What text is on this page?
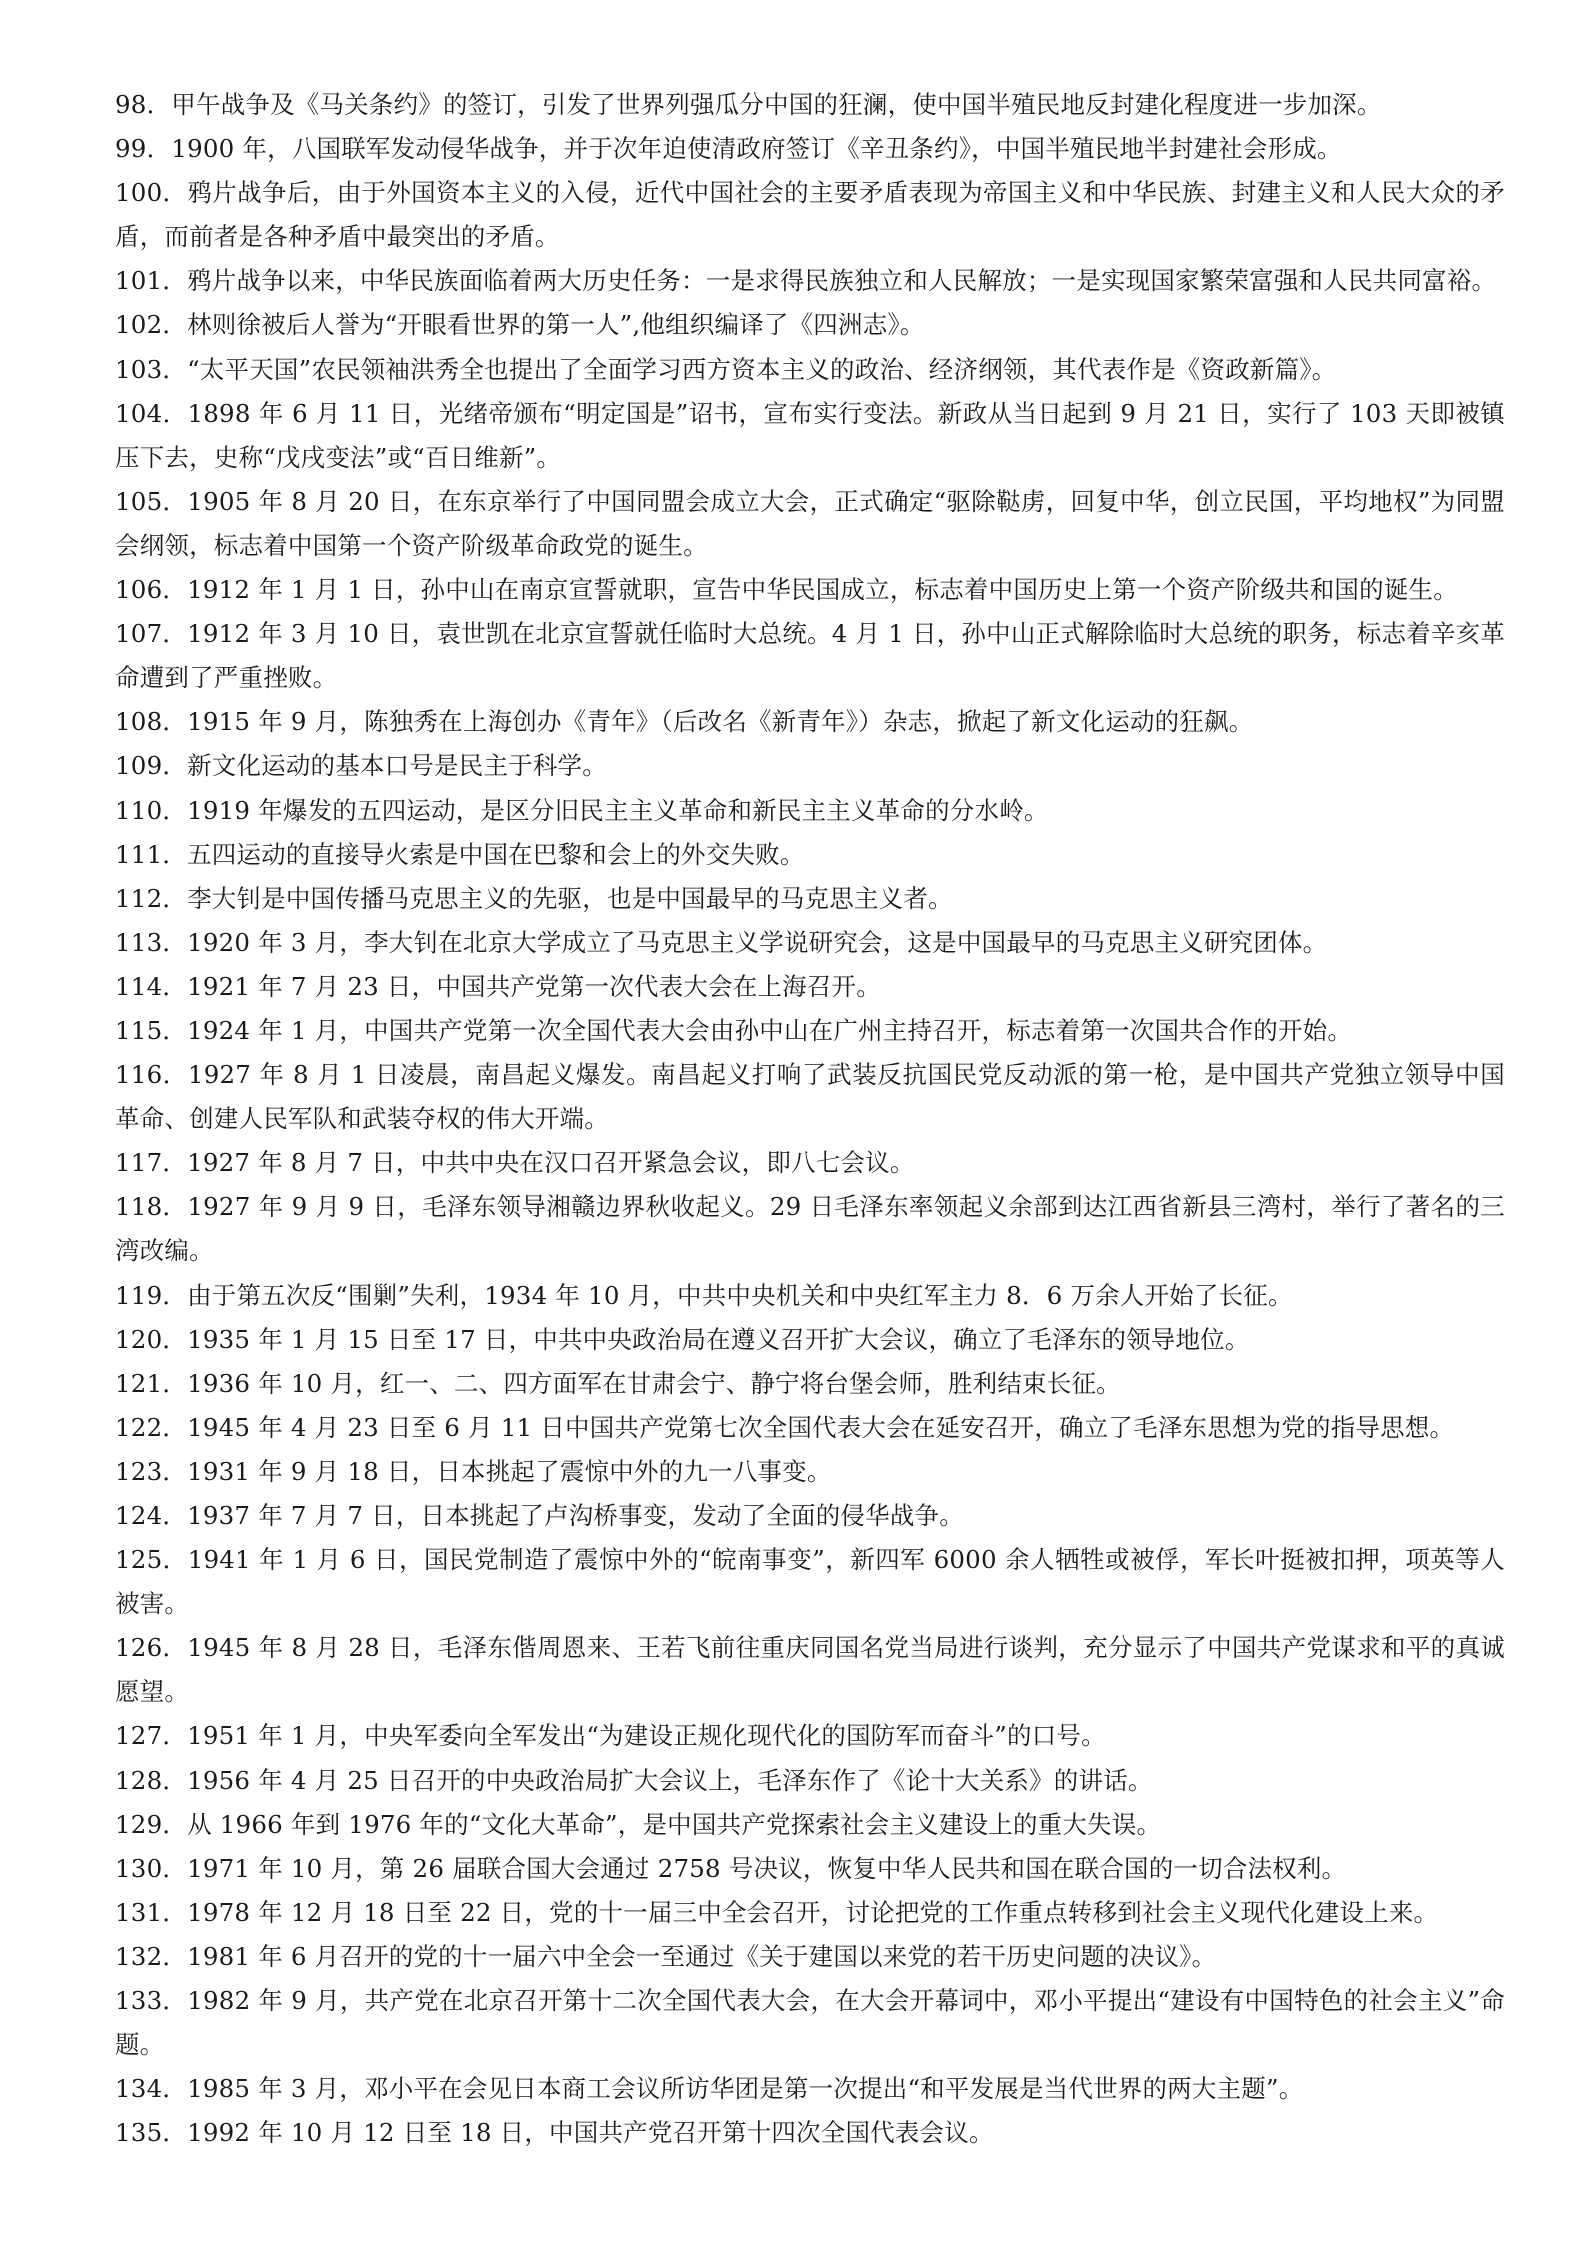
98．甲午战争及《马关条约》的签订，引发了世界列强瓜分中国的狂澜，使中国半殖民地反封建化程度进一步加深。

99．1900 年，八国联军发动侵华战争，并于次年迫使清政府签订《辛丑条约》，中国半殖民地半封建社会形成。

100．鸦片战争后，由于外国资本主义的入侵，近代中国社会的主要矛盾表现为帝国主义和中华民族、封建主义和人民大众的矛盾，而前者是各种矛盾中最突出的矛盾。

101．鸦片战争以来，中华民族面临着两大历史任务：一是求得民族独立和人民解放；一是实现国家繁荣富强和人民共同富裕。

102．林则徐被后人誉为“开眼看世界的第一人”,他组织编译了《四洲志》。

103．“太平天国”农民领袖洪秀全也提出了全面学习西方资本主义的政治、经济纲领，其代表作是《资政新篇》。

104．1898 年 6 月 11 日，光绪帝颁布“明定国是”诏书，宣布实行变法。新政从当日起到 9 月 21 日，实行了 103 天即被镇压下去，史称“戊戌变法”或“百日维新”。

105．1905 年 8 月 20 日，在东京举行了中国同盟会成立大会，正式确定“驱除鞑虏，回复中华，创立民国，平均地权”为同盟会纲领，标志着中国第一个资产阶级革命政党的诞生。

106．1912 年 1 月 1 日，孙中山在南京宣誓就职，宣告中华民国成立，标志着中国历史上第一个资产阶级共和国的诞生。

107．1912 年 3 月 10 日，袁世凯在北京宣誓就任临时大总统。4 月 1 日，孙中山正式解除临时大总统的职务，标志着辛亥革命遭到了严重挫败。

108．1915 年 9 月，陈独秀在上海创办《青年》（后改名《新青年》）杂志，掀起了新文化运动的狂飙。

109．新文化运动的基本口号是民主于科学。

110．1919 年爆发的五四运动，是区分旧民主主义革命和新民主主义革命的分水岭。

111．五四运动的直接导火索是中国在巴黎和会上的外交失败。

112．李大钊是中国传播马克思主义的先驱，也是中国最早的马克思主义者。

113．1920 年 3 月，李大钊在北京大学成立了马克思主义学说研究会，这是中国最早的马克思主义研究团体。

114．1921 年 7 月 23 日，中国共产党第一次代表大会在上海召开。

115．1924 年 1 月，中国共产党第一次全国代表大会由孙中山在广州主持召开，标志着第一次国共合作的开始。

116．1927 年 8 月 1 日凌晨，南昌起义爆发。南昌起义打响了武装反抗国民党反动派的第一枪，是中国共产党独立领导中国革命、创建人民军队和武装夺权的伟大开端。

117．1927 年 8 月 7 日，中共中央在汉口召开紧急会议，即八七会议。

118．1927 年 9 月 9 日，毛泽东领导湘赣边界秋收起义。29 日毛泽东率领起义余部到达江西省新县三湾村，举行了著名的三湾改编。

119．由于第五次反“围剿”失利，1934 年 10 月，中共中央机关和中央红军主力 8．6 万余人开始了长征。

120．1935 年 1 月 15 日至 17 日，中共中央政治局在遵义召开扩大会议，确立了毛泽东的领导地位。

121．1936 年 10 月，红一、二、四方面军在甘肃会宁、静宁将台堡会师，胜利结束长征。

122．1945 年 4 月 23 日至 6 月 11 日中国共产党第七次全国代表大会在延安召开，确立了毛泽东思想为党的指导思想。

123．1931 年 9 月 18 日，日本挑起了震惊中外的九一八事变。

124．1937 年 7 月 7 日，日本挑起了卢沟桥事变，发动了全面的侵华战争。

125．1941 年 1 月 6 日，国民党制造了震惊中外的“皖南事变”，新四军 6000 余人牺牲或被俘，军长叶挺被扣押，项英等人被害。

126．1945 年 8 月 28 日，毛泽东偕周恩来、王若飞前往重庆同国名党当局进行谈判，充分显示了中国共产党谋求和平的真诚愿望。

127．1951 年 1 月，中央军委向全军发出“为建设正规化现代化的国防军而奋斗”的口号。

128．1956 年 4 月 25 日召开的中央政治局扩大会议上，毛泽东作了《论十大关系》的讲话。

129．从 1966 年到 1976 年的“文化大革命”，是中国共产党探索社会主义建设上的重大失误。

130．1971 年 10 月，第 26 届联合国大会通过 2758 号决议，恢复中华人民共和国在联合国的一切合法权利。

131．1978 年 12 月 18 日至 22 日，党的十一届三中全会召开，讨论把党的工作重点转移到社会主义现代化建设上来。

132．1981 年 6 月召开的党的十一届六中全会一至通过《关于建国以来党的若干历史问题的决议》。

133．1982 年 9 月，共产党在北京召开第十二次全国代表大会，在大会开幕词中，邓小平提出“建设有中国特色的社会主义”命题。

134．1985 年 3 月，邓小平在会见日本商工会议所访华团是第一次提出“和平发展是当代世界的两大主题”。

135．1992 年 10 月 12 日至 18 日，中国共产党召开第十四次全国代表会议。
